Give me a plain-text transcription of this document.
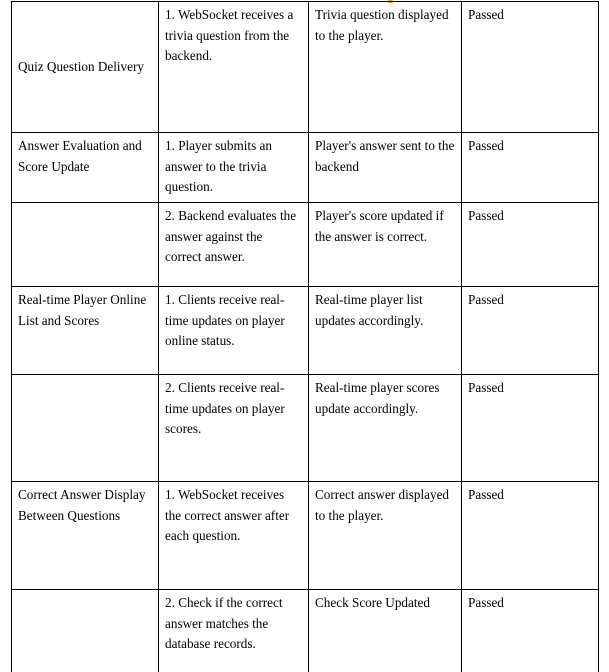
Quiz Question Delivery	1. WebSocket receives a trivia question from the backend.	Trivia question displayed to the player.	Passed

Answer Evaluation and Score Update	1. Player submits an answer to the trivia question.	Player's answer sent to the backend	Passed

	2. Backend evaluates the answer against the correct answer.	Player's score updated if the answer is correct.	Passed

Real-time Player Online List and Scores	1. Clients receive real-time updates on player online status.	Real-time player list updates accordingly.	Passed

	2. Clients receive real-time updates on player scores.	Real-time player scores update accordingly.	Passed

Correct Answer Display Between Questions	1. WebSocket receives the correct answer after each question.	Correct answer displayed to the player.	Passed

	2. Check if the correct answer matches the database records.	Check Score Updated	Passed
